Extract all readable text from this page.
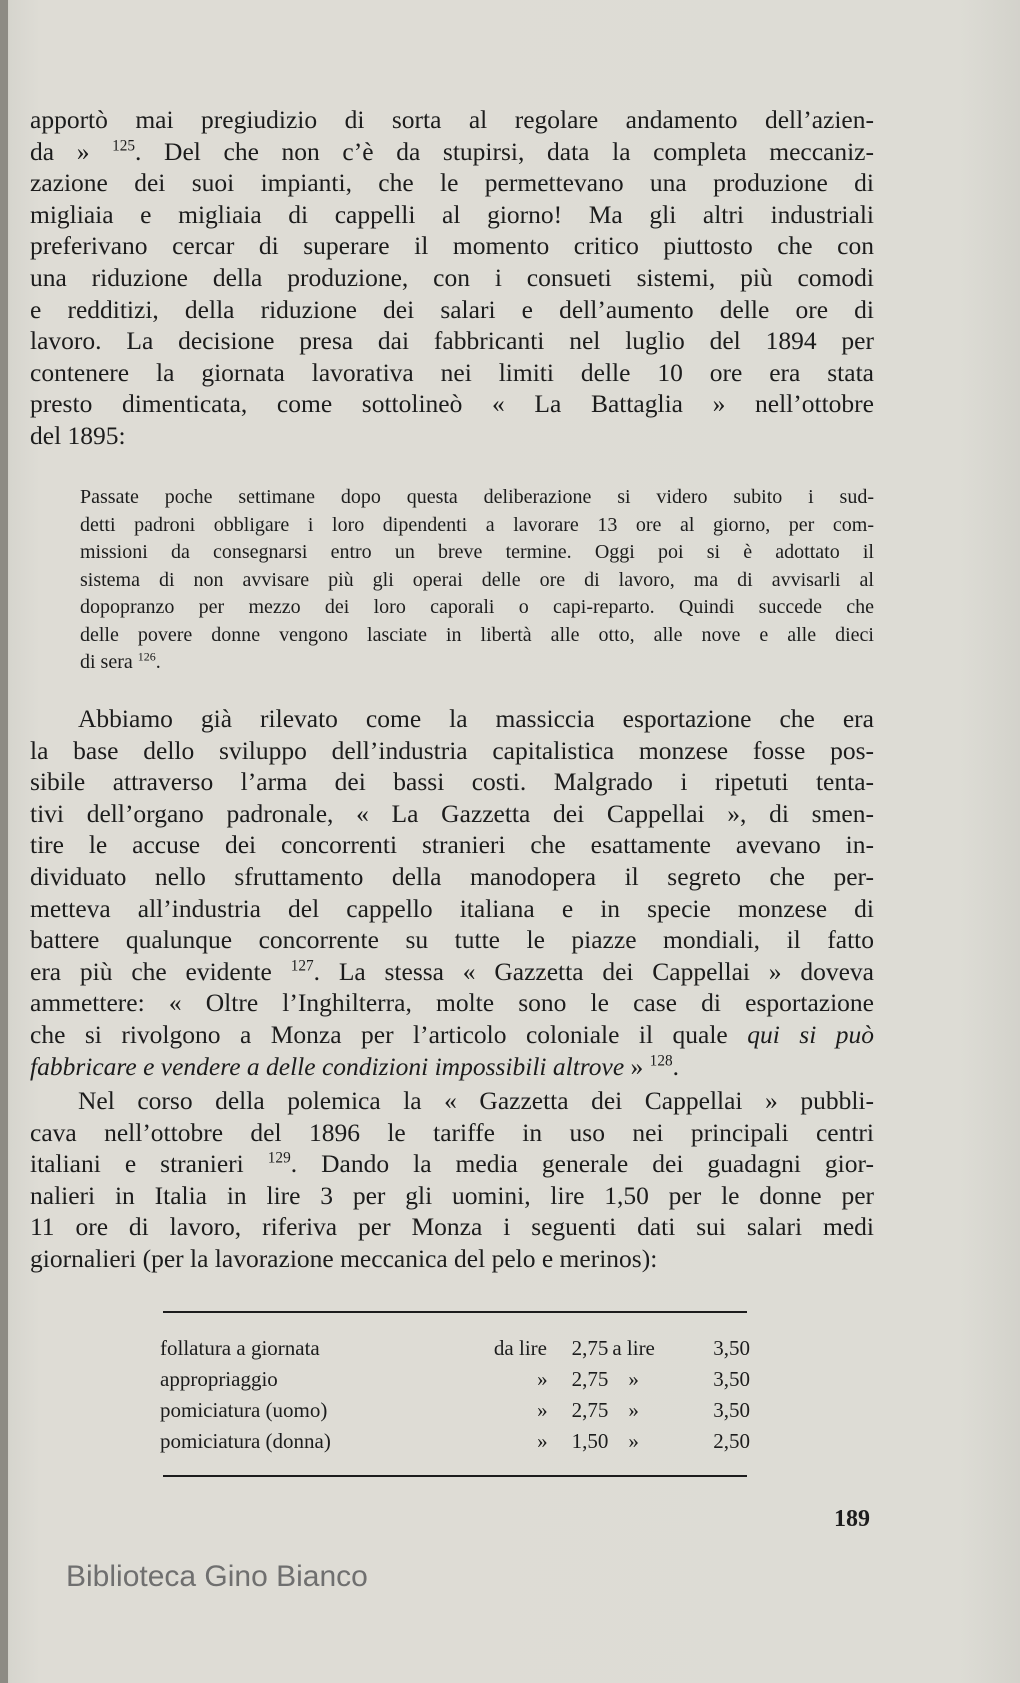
apportò mai pregiudizio di sorta al regolare andamento dell’azien-
da » $^{125}$. Del che non c’è da stupirsi, data la completa meccaniz-
zazione dei suoi impianti, che le permettevano una produzione di
migliaia e migliaia di cappelli al giorno! Ma gli altri industriali
preferivano cercar di superare il momento critico piuttosto che con
una riduzione della produzione, con i consueti sistemi, più comodi
e redditizi, della riduzione dei salari e dell’aumento delle ore di
lavoro. La decisione presa dai fabbricanti nel luglio del 1894 per
contenere la giornata lavorativa nei limiti delle 10 ore era stata
presto dimenticata, come sottolineò « La Battaglia » nell’ottobre
del 1895:
Passate poche settimane dopo questa deliberazione si videro subito i sud-
detti padroni obbligare i loro dipendenti a lavorare 13 ore al giorno, per com-
missioni da consegnarsi entro un breve termine. Oggi poi si è adottato il
sistema di non avvisare più gli operai delle ore di lavoro, ma di avvisarli al
dopopranzo per mezzo dei loro caporali o capi-reparto. Quindi succede che
delle povere donne vengono lasciate in libertà alle otto, alle nove e alle dieci
di sera $^{126}$.
Abbiamo già rilevato come la massiccia esportazione che era
la base dello sviluppo dell’industria capitalistica monzese fosse pos-
sibile attraverso l’arma dei bassi costi. Malgrado i ripetuti tenta-
tivi dell’organo padronale, « La Gazzetta dei Cappellai », di smen-
tire le accuse dei concorrenti stranieri che esattamente avevano in-
dividuato nello sfruttamento della manodopera il segreto che per-
metteva all’industria del cappello italiana e in specie monzese di
battere qualunque concorrente su tutte le piazze mondiali, il fatto
era più che evidente $^{127}$. La stessa « Gazzetta dei Cappellai » doveva
ammettere: « Oltre l’Inghilterra, molte sono le case di esportazione
che si rivolgono a Monza per l’articolo coloniale il quale qui si può
fabbricare e vendere a delle condizioni impossibili altrove » $^{128}$.
Nel corso della polemica la « Gazzetta dei Cappellai » pubbli-
cava nell’ottobre del 1896 le tariffe in uso nei principali centri
italiani e stranieri $^{129}$. Dando la media generale dei guadagni gior-
nalieri in Italia in lire 3 per gli uomini, lire 1,50 per le donne per
11 ore di lavoro, riferiva per Monza i seguenti dati sui salari medi
giornalieri (per la lavorazione meccanica del pelo e merinos):
follatura a giornata	da lire	2,75	a lire	3,50
appropriaggio	»	2,75	»	3,50
pomiciatura (uomo)	»	2,75	»	3,50
pomiciatura (donna)	»	1,50	»	2,50
189
Biblioteca Gino Bianco
